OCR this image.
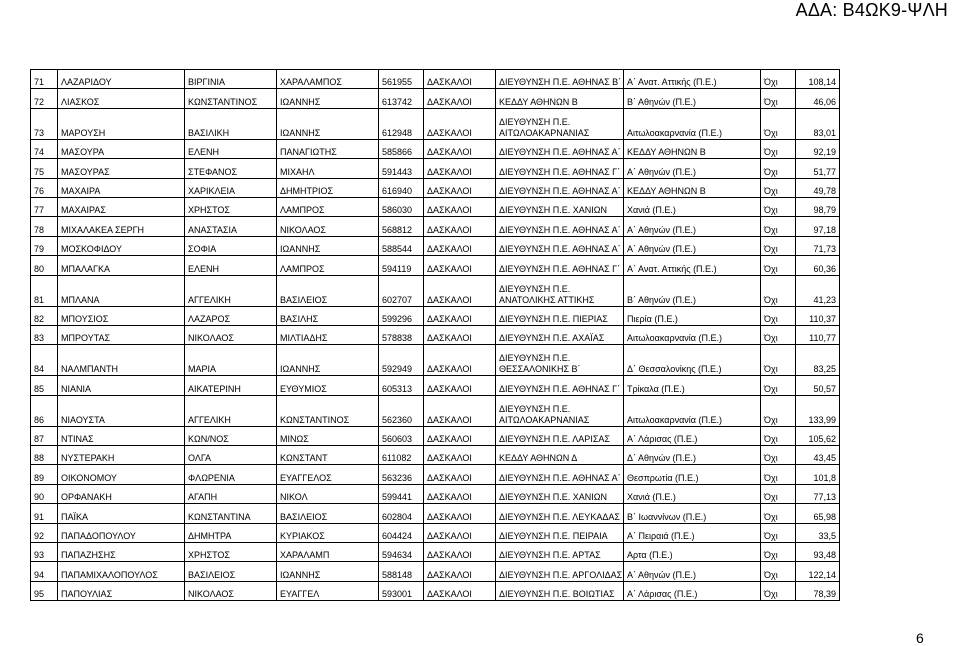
ΑΔΑ: Β4ΩΚ9-ΨΛΗ
71	ΛΑΖΑΡΙΔΟΥ	ΒΙΡΓΙΝΙΑ	ΧΑΡΑΛΑΜΠΟΣ	561955	ΔΑΣΚΑΛΟΙ	ΔΙΕΥΘΥΝΣΗ Π.Ε. ΑΘΗΝΑΣ Β΄	Α΄ Ανατ. Αττικής (Π.Ε.)	Όχι	108,14
72	ΛΙΑΣΚΟΣ	ΚΩΝΣΤΑΝΤΙΝΟΣ	ΙΩΑΝΝΗΣ	613742	ΔΑΣΚΑΛΟΙ	ΚΕΔΔΥ ΑΘΗΝΩΝ Β	Β΄ Αθηνών (Π.Ε.)	Όχι	46,06
73	ΜΑΡΟΥΣΗ	ΒΑΣΙΛΙΚΗ	ΙΩΑΝΝΗΣ	612948	ΔΑΣΚΑΛΟΙ	ΔΙΕΥΘΥΝΣΗ Π.Ε.
ΑΙΤΩΛΟΑΚΑΡΝΑΝΙΑΣ	Αιτωλοακαρνανία (Π.Ε.)	Όχι	83,01
74	ΜΑΣΟΥΡΑ	ΕΛΕΝΗ	ΠΑΝΑΓΙΩΤΗΣ	585866	ΔΑΣΚΑΛΟΙ	ΔΙΕΥΘΥΝΣΗ Π.Ε. ΑΘΗΝΑΣ Α΄	ΚΕΔΔΥ ΑΘΗΝΩΝ Β	Όχι	92,19
75	ΜΑΣΟΥΡΑΣ	ΣΤΕΦΑΝΟΣ	ΜΙΧΑΗΛ	591443	ΔΑΣΚΑΛΟΙ	ΔΙΕΥΘΥΝΣΗ Π.Ε. ΑΘΗΝΑΣ Γ΄	Α΄ Αθηνών (Π.Ε.)	Όχι	51,77
76	ΜΑΧΑΙΡΑ	ΧΑΡΙΚΛΕΙΑ	ΔΗΜΗΤΡΙΟΣ	616940	ΔΑΣΚΑΛΟΙ	ΔΙΕΥΘΥΝΣΗ Π.Ε. ΑΘΗΝΑΣ Α΄	ΚΕΔΔΥ ΑΘΗΝΩΝ Β	Όχι	49,78
77	ΜΑΧΑΙΡΑΣ	ΧΡΗΣΤΟΣ	ΛΑΜΠΡΟΣ	586030	ΔΑΣΚΑΛΟΙ	ΔΙΕΥΘΥΝΣΗ Π.Ε. ΧΑΝΙΩΝ	Χανιά (Π.Ε.)	Όχι	98,79
78	ΜΙΧΑΛΑΚΕΑ ΣΕΡΓΗ	ΑΝΑΣΤΑΣΙΑ	ΝΙΚΟΛΑΟΣ	568812	ΔΑΣΚΑΛΟΙ	ΔΙΕΥΘΥΝΣΗ Π.Ε. ΑΘΗΝΑΣ Α΄	Α΄ Αθηνών (Π.Ε.)	Όχι	97,18
79	ΜΟΣΚΟΦΙΔΟΥ	ΣΟΦΙΑ	ΙΩΑΝΝΗΣ	588544	ΔΑΣΚΑΛΟΙ	ΔΙΕΥΘΥΝΣΗ Π.Ε. ΑΘΗΝΑΣ Α΄	Α΄ Αθηνών (Π.Ε.)	Όχι	71,73
80	ΜΠΑΛΑΓΚΑ	ΕΛΕΝΗ	ΛΑΜΠΡΟΣ	594119	ΔΑΣΚΑΛΟΙ	ΔΙΕΥΘΥΝΣΗ Π.Ε. ΑΘΗΝΑΣ Γ΄	Α΄ Ανατ. Αττικής (Π.Ε.)	Όχι	60,36
81	ΜΠΛΑΝΑ	ΑΓΓΕΛΙΚΗ	ΒΑΣΙΛΕΙΟΣ	602707	ΔΑΣΚΑΛΟΙ	ΔΙΕΥΘΥΝΣΗ Π.Ε.
ΑΝΑΤΟΛΙΚΗΣ ΑΤΤΙΚΗΣ	Β΄ Αθηνών (Π.Ε.)	Όχι	41,23
82	ΜΠΟΥΣΙΟΣ	ΛΑΖΑΡΟΣ	ΒΑΣΙΛΗΣ	599296	ΔΑΣΚΑΛΟΙ	ΔΙΕΥΘΥΝΣΗ Π.Ε. ΠΙΕΡΙΑΣ	Πιερία (Π.Ε.)	Όχι	110,37
83	ΜΠΡΟΥΤΑΣ	ΝΙΚΟΛΑΟΣ	ΜΙΛΤΙΑΔΗΣ	578838	ΔΑΣΚΑΛΟΙ	ΔΙΕΥΘΥΝΣΗ Π.Ε. ΑΧΑΪΑΣ	Αιτωλοακαρνανία (Π.Ε.)	Όχι	110,77
84	ΝΑΛΜΠΑΝΤΗ	ΜΑΡΙΑ	ΙΩΑΝΝΗΣ	592949	ΔΑΣΚΑΛΟΙ	ΔΙΕΥΘΥΝΣΗ Π.Ε.
ΘΕΣΣΑΛΟΝΙΚΗΣ Β΄	Δ΄ Θεσσαλονίκης (Π.Ε.)	Όχι	83,25
85	ΝΙΑΝΙΑ	ΑΙΚΑΤΕΡΙΝΗ	ΕΥΘΥΜΙΟΣ	605313	ΔΑΣΚΑΛΟΙ	ΔΙΕΥΘΥΝΣΗ Π.Ε. ΑΘΗΝΑΣ Γ΄	Τρίκαλα (Π.Ε.)	Όχι	50,57
86	ΝΙΑΟΥΣΤΑ	ΑΓΓΕΛΙΚΗ	ΚΩΝΣΤΑΝΤΙΝΟΣ	562360	ΔΑΣΚΑΛΟΙ	ΔΙΕΥΘΥΝΣΗ Π.Ε.
ΑΙΤΩΛΟΑΚΑΡΝΑΝΙΑΣ	Αιτωλοακαρνανία (Π.Ε.)	Όχι	133,99
87	ΝΤΙΝΑΣ	ΚΩΝ/ΝΟΣ	ΜΙΝΩΣ	560603	ΔΑΣΚΑΛΟΙ	ΔΙΕΥΘΥΝΣΗ Π.Ε. ΛΑΡΙΣΑΣ	Α΄ Λάρισας (Π.Ε.)	Όχι	105,62
88	ΝΥΣΤΕΡΑΚΗ	ΟΛΓΑ	ΚΩΝΣΤΑΝΤ	611082	ΔΑΣΚΑΛΟΙ	ΚΕΔΔΥ ΑΘΗΝΩΝ Δ	Δ΄ Αθηνών (Π.Ε.)	Όχι	43,45
89	ΟΙΚΟΝΟΜΟΥ	ΦΛΩΡΕΝΙΑ	ΕΥΑΓΓΕΛΟΣ	563236	ΔΑΣΚΑΛΟΙ	ΔΙΕΥΘΥΝΣΗ Π.Ε. ΑΘΗΝΑΣ Α΄	Θεσπρωτία (Π.Ε.)	Όχι	101,8
90	ΟΡΦΑΝΑΚΗ	ΑΓΑΠΗ	ΝΙΚΟΛ	599441	ΔΑΣΚΑΛΟΙ	ΔΙΕΥΘΥΝΣΗ Π.Ε. ΧΑΝΙΩΝ	Χανιά (Π.Ε.)	Όχι	77,13
91	ΠΑΪΚΑ	ΚΩΝΣΤΑΝΤΙΝΑ	ΒΑΣΙΛΕΙΟΣ	602804	ΔΑΣΚΑΛΟΙ	ΔΙΕΥΘΥΝΣΗ Π.Ε. ΛΕΥΚΑΔΑΣ	Β΄ Ιωαννίνων (Π.Ε.)	Όχι	65,98
92	ΠΑΠΑΔΟΠΟΥΛΟΥ	ΔΗΜΗΤΡΑ	ΚΥΡΙΑΚΟΣ	604424	ΔΑΣΚΑΛΟΙ	ΔΙΕΥΘΥΝΣΗ Π.Ε. ΠΕΙΡΑΙΑ	Α΄ Πειραιά (Π.Ε.)	Όχι	33,5
93	ΠΑΠΑΖΗΣΗΣ	ΧΡΗΣΤΟΣ	ΧΑΡΑΛΑΜΠ	594634	ΔΑΣΚΑΛΟΙ	ΔΙΕΥΘΥΝΣΗ Π.Ε. ΑΡΤΑΣ	Αρτα (Π.Ε.)	Όχι	93,48
94	ΠΑΠΑΜΙΧΑΛΟΠΟΥΛΟΣ	ΒΑΣΙΛΕΙΟΣ	ΙΩΑΝΝΗΣ	588148	ΔΑΣΚΑΛΟΙ	ΔΙΕΥΘΥΝΣΗ Π.Ε. ΑΡΓΟΛΙΔΑΣ	Α΄ Αθηνών (Π.Ε.)	Όχι	122,14
95	ΠΑΠΟΥΛΙΑΣ	ΝΙΚΟΛΑΟΣ	ΕΥΑΓΓΕΛ	593001	ΔΑΣΚΑΛΟΙ	ΔΙΕΥΘΥΝΣΗ Π.Ε. ΒΟΙΩΤΙΑΣ	Α΄ Λάρισας (Π.Ε.)	Όχι	78,39
6
